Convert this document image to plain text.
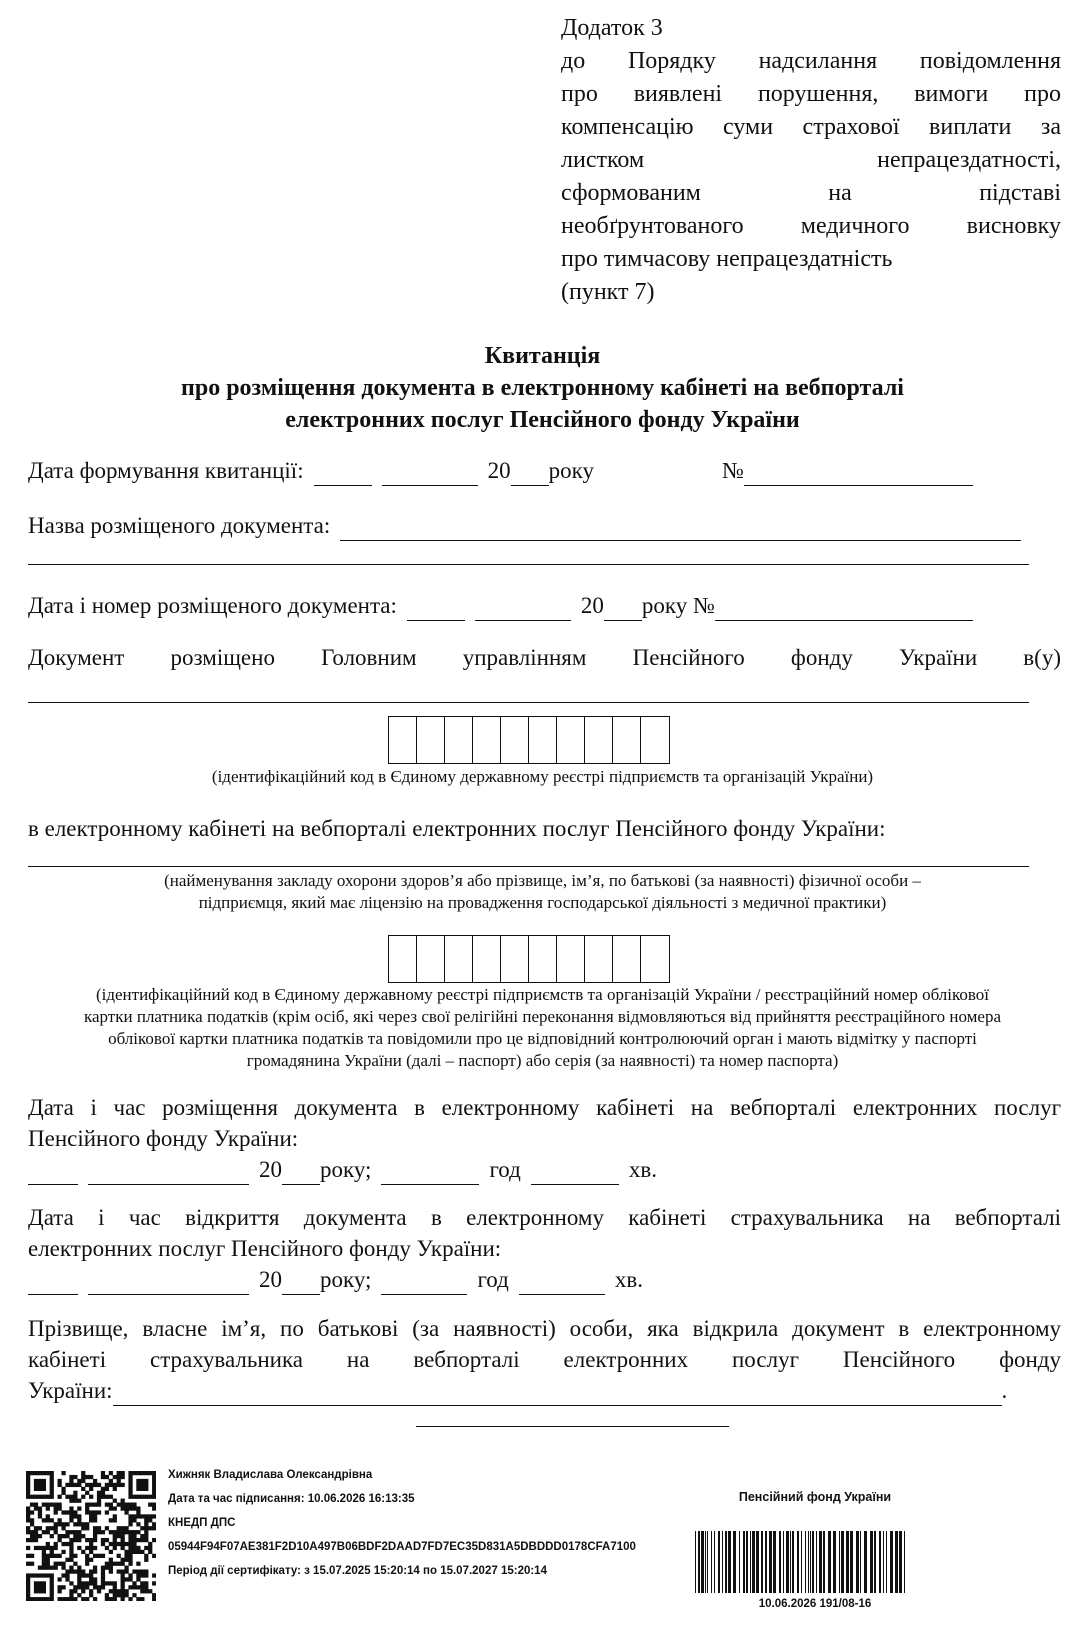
Додаток 3
до Порядку надсилання повідомлення
про виявлені порушення, вимоги про
компенсацію суми страхової виплати за
листком непрацездатності,
сформованим на підставі
необґрунтованого медичного висновку
про тимчасову непрацездатність
(пункт 7)
Квитанція
про розміщення документа в електронному кабінеті на вебпорталі
електронних послуг Пенсійного фонду України
Дата формування квитанції:	20 року	№
Назва розміщеного документа:
Дата і номер розміщеного документа:	20 року №
Документ розміщено Головним управлінням Пенсійного фонду України в(у)
(ідентифікаційний код в Єдиному державному реєстрі підприємств та організацій України)
в електронному кабінеті на вебпорталі електронних послуг Пенсійного фонду України:
(найменування закладу охорони здоров’я або прізвище, ім’я, по батькові (за наявності) фізичної особи –
підприємця, який має ліцензію на провадження господарської діяльності з медичної практики)
(ідентифікаційний код в Єдиному державному реєстрі підприємств та організацій України / реєстраційний номер облікової
картки платника податків (крім осіб, які через свої релігійні переконання відмовляються від прийняття реєстраційного номера
облікової картки платника податків та повідомили про це відповідний контролюючий орган і мають відмітку у паспорті
громадянина України (далі – паспорт) або серія (за наявності) та номер паспорта)
Дата і час розміщення документа в електронному кабінеті на вебпорталі електронних послуг
Пенсійного фонду України:
20 року;	год	хв.
Дата і час відкриття документа в електронному кабінеті страхувальника на вебпорталі
електронних послуг Пенсійного фонду України:
20 року;	год	хв.
Прізвище, власне ім’я, по батькові (за наявності) особи, яка відкрила документ в електронному
кабінеті страхувальника на вебпорталі електронних послуг Пенсійного фонду
України:	.
Хижняк Владислава Олександрівна
Дата та час підписання: 10.06.2026 16:13:35
КНЕДП ДПС
05944F94F07AE381F2D10A497B06BDF2DAAD7FD7EC35D831A5DBDDD0178CFA7100
Період дії сертифікату: з 15.07.2025 15:20:14 по 15.07.2027 15:20:14
Пенсійний фонд України
10.06.2026 191/08-16
